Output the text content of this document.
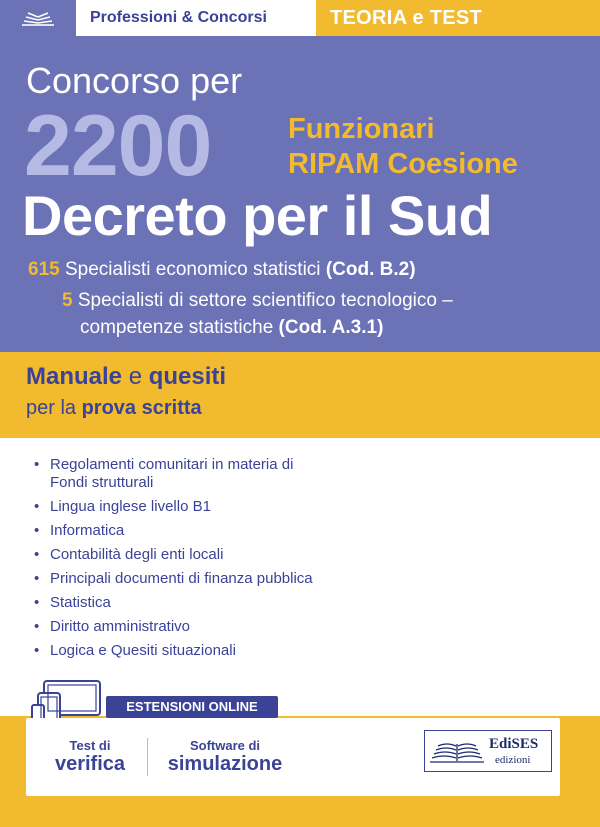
Professioni & Concorsi	TEORIA e TEST
Concorso per
2200	Funzionari
RIPAM Coesione
Decreto per il Sud
615 Specialisti economico statistici (Cod. B.2)
5 Specialisti di settore scientifico tecnologico –
competenze statistiche (Cod. A.3.1)
Manuale e quesiti
per la prova scritta
• Regolamenti comunitari in materia di Fondi strutturali
• Lingua inglese livello B1
• Informatica
• Contabilità degli enti locali
• Principali documenti di finanza pubblica
• Statistica
• Diritto amministrativo
• Logica e Quesiti situazionali
ESTENSIONI ONLINE
Test di
verifica
Software di
simulazione
EdiSES
edizioni
